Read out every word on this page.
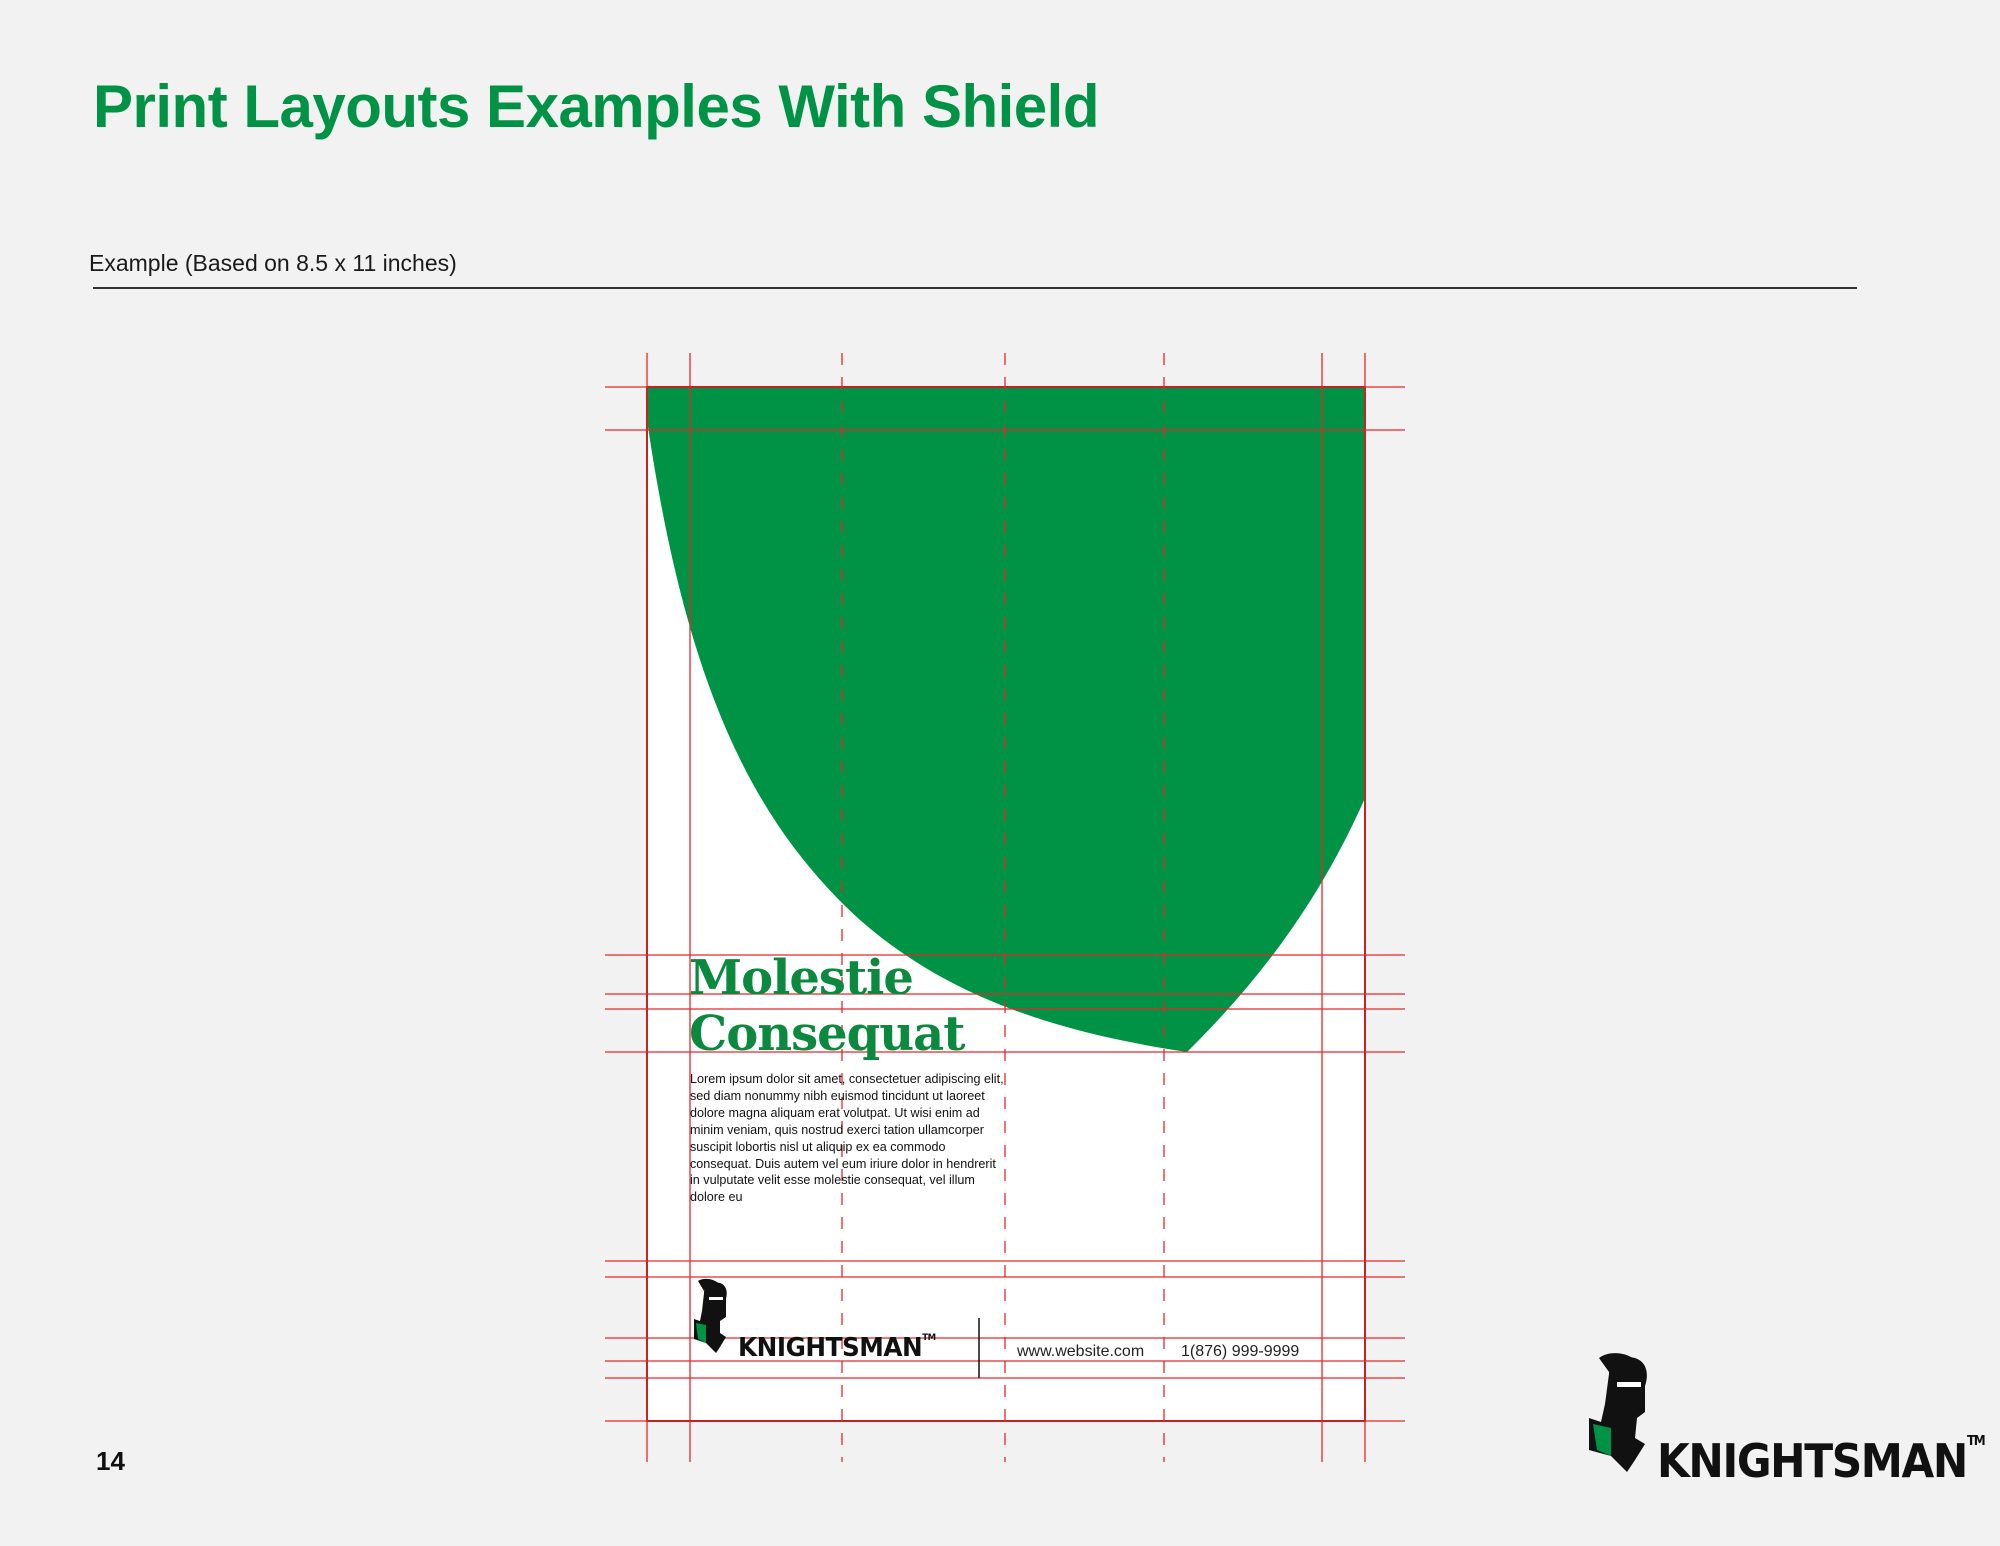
Print Layouts Examples With Shield
Example (Based on 8.5 x 11 inches)
Molestie
Consequat
Lorem ipsum dolor sit amet, consectetuer adipiscing elit, sed diam nonummy nibh euismod tincidunt ut laoreet dolore magna aliquam erat volutpat. Ut wisi enim ad minim veniam, quis nostrud exerci tation ullamcorper suscipit lobortis nisl ut aliquip ex ea commodo consequat. Duis autem vel eum iriure dolor in hendrerit in vulputate velit esse molestie consequat, vel illum dolore eu
KNIGHTSMAN™
www.website.com 1(876) 999-9999
14	KNIGHTSMAN™
